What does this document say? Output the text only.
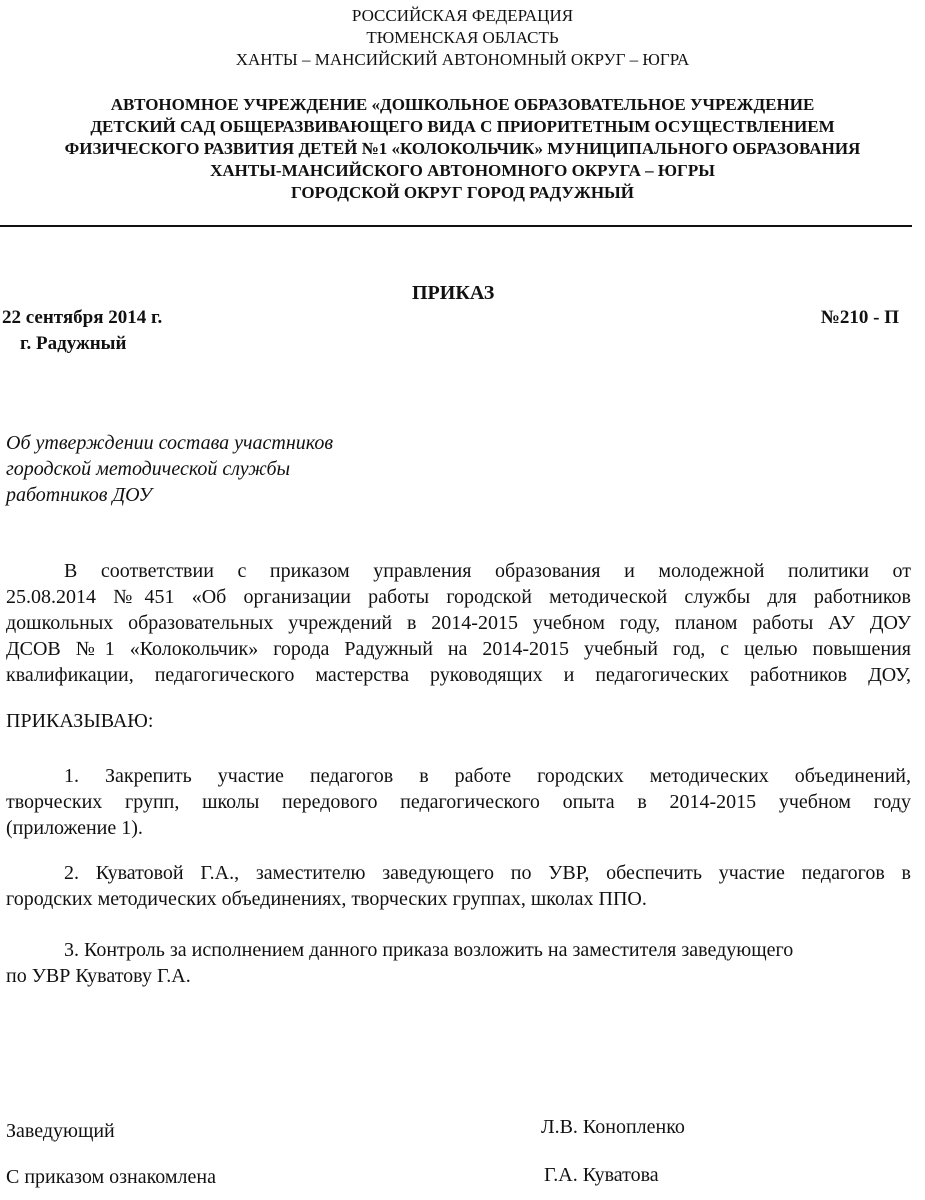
РОССИЙСКАЯ ФЕДЕРАЦИЯ
ТЮМЕНСКАЯ ОБЛАСТЬ
ХАНТЫ – МАНСИЙСКИЙ АВТОНОМНЫЙ ОКРУГ – ЮГРА
АВТОНОМНОЕ УЧРЕЖДЕНИЕ «ДОШКОЛЬНОЕ ОБРАЗОВАТЕЛЬНОЕ УЧРЕЖДЕНИЕ
ДЕТСКИЙ САД ОБЩЕРАЗВИВАЮЩЕГО ВИДА С ПРИОРИТЕТНЫМ ОСУЩЕСТВЛЕНИЕМ
ФИЗИЧЕСКОГО РАЗВИТИЯ ДЕТЕЙ №1 «КОЛОКОЛЬЧИК» МУНИЦИПАЛЬНОГО ОБРАЗОВАНИЯ
ХАНТЫ-МАНСИЙСКОГО АВТОНОМНОГО ОКРУГА – ЮГРЫ
ГОРОДСКОЙ ОКРУГ ГОРОД РАДУЖНЫЙ
ПРИКАЗ
22 сентября 2014 г.	№210 - П
г. Радужный
Об утверждении состава участников
городской методической службы
работников ДОУ
В соответствии с приказом управления образования и молодежной политики от
25.08.2014 №451 «Об организации работы городской методической службы для работников
дошкольных образовательных учреждений в 2014-2015 учебном году, планом работы АУ ДОУ
ДСОВ №1 «Колокольчик» города Радужный на 2014-2015 учебный год, с целью повышения
квалификации, педагогического мастерства руководящих и педагогических работников ДОУ,
ПРИКАЗЫВАЮ:
1. Закрепить участие педагогов в работе городских методических объединений,
творческих групп, школы передового педагогического опыта в 2014-2015 учебном году
(приложение 1).
2. Куватовой Г.А., заместителю заведующего по УВР, обеспечить участие педагогов в
городских методических объединениях, творческих группах, школах ППО.
3. Контроль за исполнением данного приказа возложить на заместителя заведующего
по УВР Куватову Г.А.
Заведующий	Л.В. Конопленко
С приказом ознакомлена	Г.А. Куватова
